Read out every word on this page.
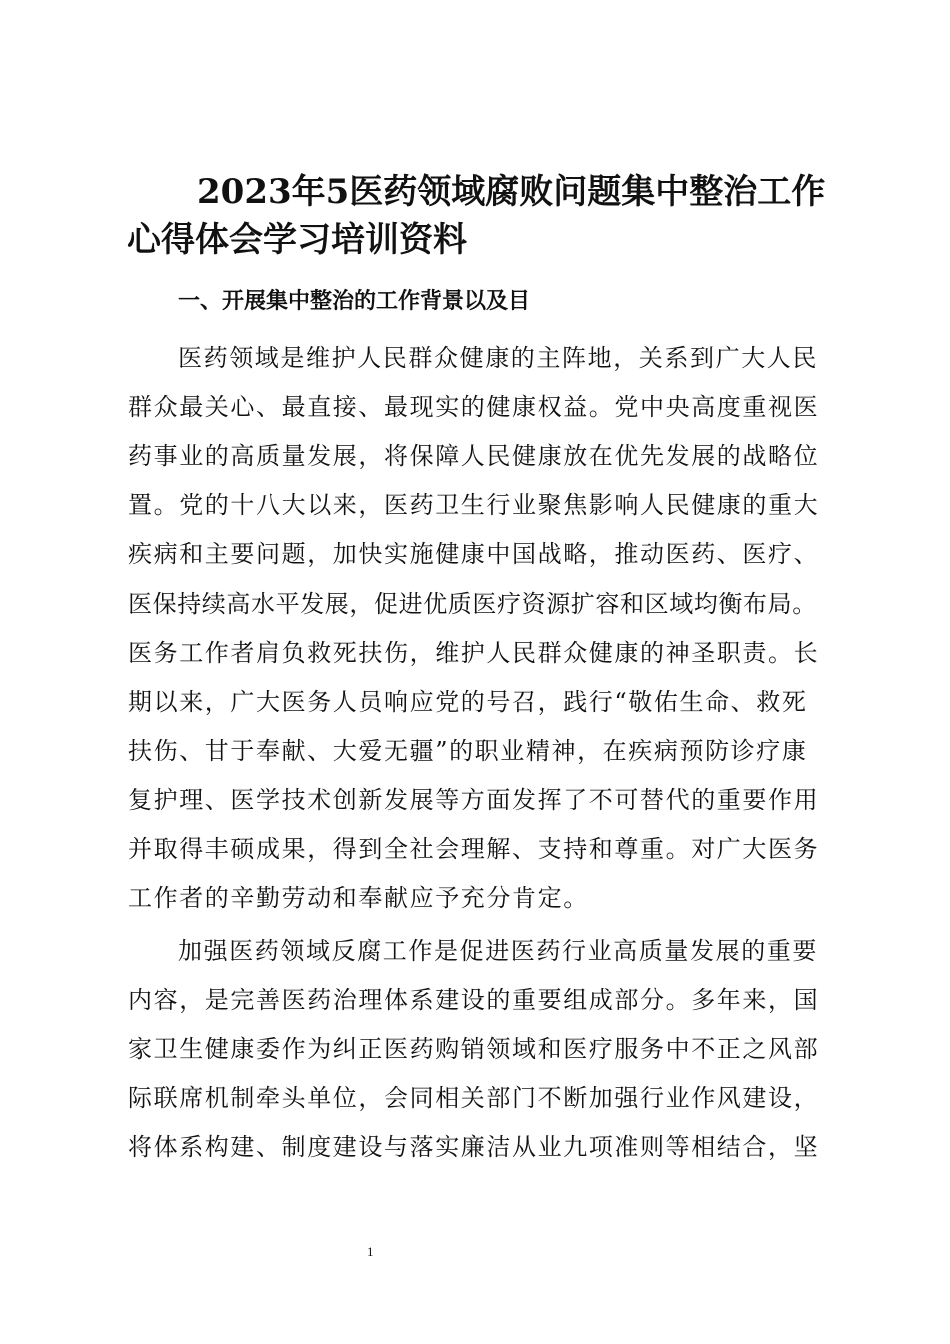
2023年5医药领域腐败问题集中整治工作
心得体会学习培训资料
一、开展集中整治的工作背景以及目
医药领域是维护人民群众健康的主阵地，关系到广大人民
群众最关心、最直接、最现实的健康权益。党中央高度重视医
药事业的高质量发展，将保障人民健康放在优先发展的战略位
置。党的十八大以来，医药卫生行业聚焦影响人民健康的重大
疾病和主要问题，加快实施健康中国战略，推动医药、医疗、
医保持续高水平发展，促进优质医疗资源扩容和区域均衡布局。
医务工作者肩负救死扶伤，维护人民群众健康的神圣职责。长
期以来，广大医务人员响应党的号召，践行“敬佑生命、救死
扶伤、甘于奉献、大爱无疆”的职业精神，在疾病预防诊疗康
复护理、医学技术创新发展等方面发挥了不可替代的重要作用
并取得丰硕成果，得到全社会理解、支持和尊重。对广大医务
工作者的辛勤劳动和奉献应予充分肯定。
加强医药领域反腐工作是促进医药行业高质量发展的重要
内容，是完善医药治理体系建设的重要组成部分。多年来，国
家卫生健康委作为纠正医药购销领域和医疗服务中不正之风部
际联席机制牵头单位，会同相关部门不断加强行业作风建设，
将体系构建、制度建设与落实廉洁从业九项准则等相结合，坚
1
